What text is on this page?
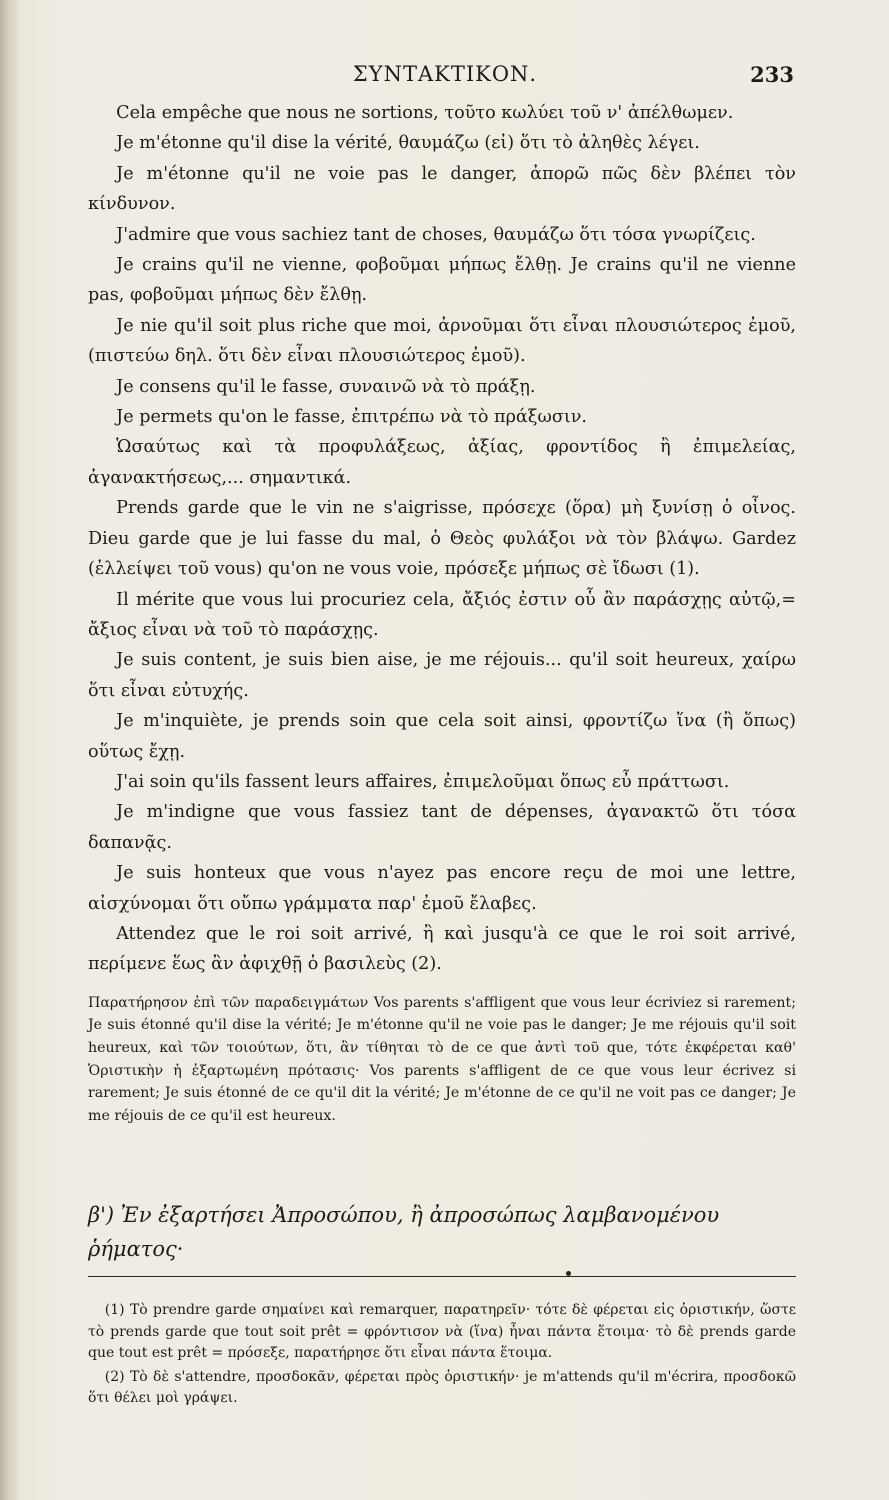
ΣΥΝΤΑΚΤΙΚΟΝ.	233

Cela empêche que nous ne sortions, τοῦτο κωλύει τοῦ ν' ἀπέλθωμεν.

Je m'étonne qu'il dise la vérité, θαυμάζω (εἰ) ὅτι τὸ ἀληθὲς λέγει.

Je m'étonne qu'il ne voie pas le danger, ἀπορῶ πῶς δὲν βλέπει τὸν κίνδυνον.

J'admire que vous sachiez tant de choses, θαυμάζω ὅτι τόσα γνωρίζεις.

Je crains qu'il ne vienne, φοβοῦμαι μήπως ἔλθῃ. Je crains qu'il ne vienne pas, φοβοῦμαι μήπως δὲν ἔλθῃ.

Je nie qu'il soit plus riche que moi, ἀρνοῦμαι ὅτι εἶναι πλουσιώτερος ἐμοῦ, (πιστεύω δηλ. ὅτι δὲν εἶναι πλουσιώτερος ἐμοῦ).

Je consens qu'il le fasse, συναινῶ νὰ τὸ πράξῃ.

Je permets qu'on le fasse, ἐπιτρέπω νὰ τὸ πράξωσιν.

Ὡσαύτως καὶ τὰ προφυλάξεως, ἀξίας, φροντίδος ἢ ἐπιμελείας, ἀγανακτήσεως,... σημαντικά.

Prends garde que le vin ne s'aigrisse, πρόσεχε (ὅρα) μὴ ξυνίσῃ ὁ οἶνος. Dieu garde que je lui fasse du mal, ὁ Θεὸς φυλάξοι νὰ τὸν βλάψω. Gardez (ἐλλείψει τοῦ vous) qu'on ne vous voie, πρόσεξε μήπως σὲ ἴδωσι (1).

Il mérite que vous lui procuriez cela, ἄξιός ἐστιν οὗ ἂν παράσχῃς αὐτῷ,= ἄξιος εἶναι νὰ τοῦ τὸ παράσχῃς.

Je suis content, je suis bien aise, je me réjouis... qu'il soit heureux, χαίρω ὅτι εἶναι εὐτυχής.

Je m'inquiète, je prends soin que cela soit ainsi, φροντίζω ἵνα (ἢ ὅπως) οὕτως ἔχῃ.

J'ai soin qu'ils fassent leurs affaires, ἐπιμελοῦμαι ὅπως εὖ πράττωσι.

Je m'indigne que vous fassiez tant de dépenses, ἀγανακτῶ ὅτι τόσα δαπανᾷς.

Je suis honteux que vous n'ayez pas encore reçu de moi une lettre, αἰσχύνομαι ὅτι οὔπω γράμματα παρ' ἐμοῦ ἔλαβες.

Attendez que le roi soit arrivé, ἢ καὶ jusqu'à ce que le roi soit arrivé, περίμενε ἕως ἂν ἀφιχθῇ ὁ βασιλεὺς (2).

Παρατήρησον ἐπὶ τῶν παραδειγμάτων Vos parents s'affligent que vous leur écriviez si rarement; Je suis étonné qu'il dise la vérité; Je m'étonne qu'il ne voie pas le danger; Je me réjouis qu'il soit heureux, καὶ τῶν τοιούτων, ὅτι, ἂν τίθηται τὸ de ce que ἀντὶ τοῦ que, τότε ἐκφέρεται καθ' Ὁριστικὴν ἡ ἐξαρτωμένη πρότασις· Vos parents s'affligent de ce que vous leur écrivez si rarement; Je suis étonné de ce qu'il dit la vérité; Je m'étonne de ce qu'il ne voit pas ce danger; Je me réjouis de ce qu'il est heureux.

β') Ἐν ἐξαρτήσει Ἀπροσώπου, ἢ ἀπροσώπως λαμβανομένου ῥήματος·

(1) Τὸ prendre garde σημαίνει καὶ remarquer, παρατηρεῖν· τότε δὲ φέρεται εἰς ὁριστικήν, ὥστε τὸ prends garde que tout soit prêt = φρόντισον νὰ (ἵνα) ἦναι πάντα ἕτοιμα· τὸ δὲ prends garde que tout est prêt = πρόσεξε, παρατήρησε ὅτι εἶναι πάντα ἕτοιμα.

(2) Τὸ δὲ s'attendre, προσδοκᾶν, φέρεται πρὸς ὁριστικήν· je m'attends qu'il m'écrira, προσδοκῶ ὅτι θέλει μοὶ γράψει.
